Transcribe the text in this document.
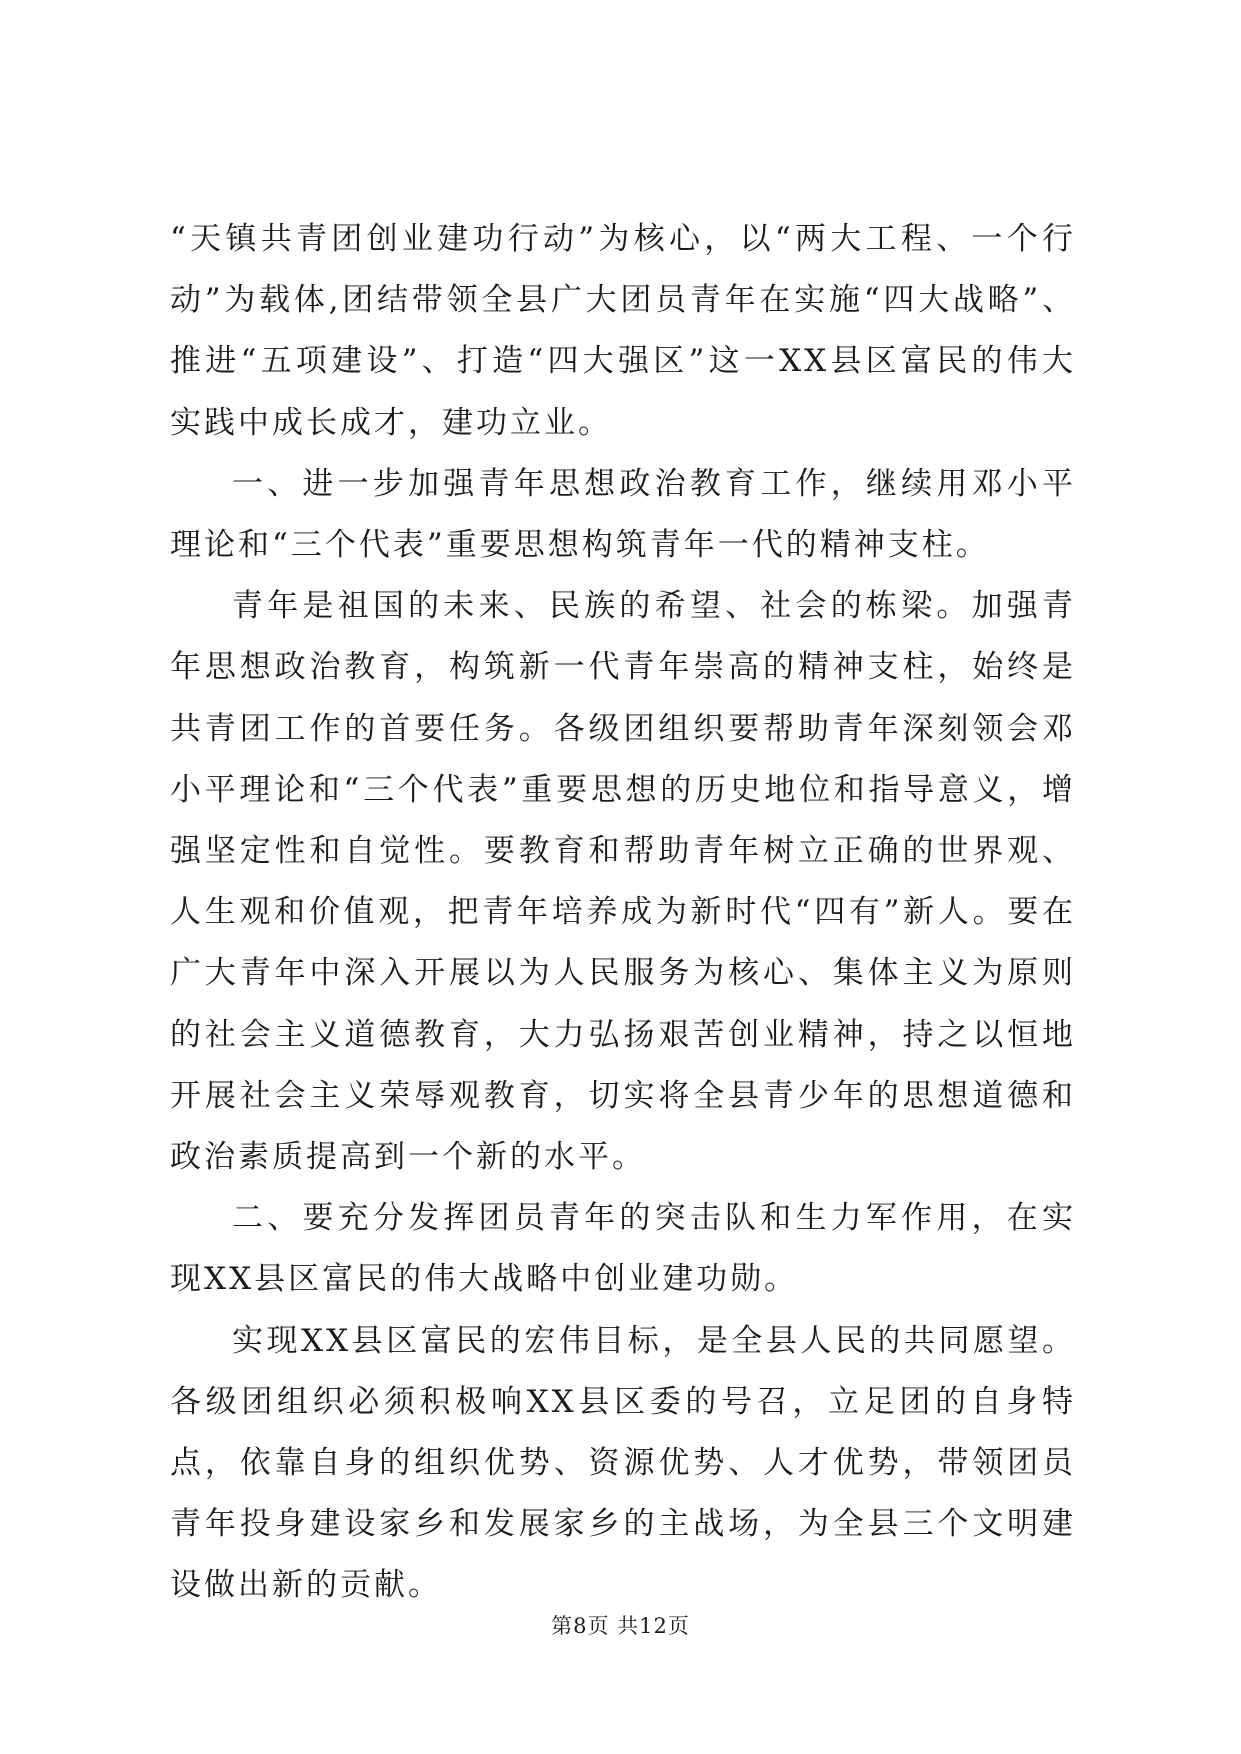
“天镇共青团创业建功行动”为核心，以“两大工程、一个行动”为载体,团结带领全县广大团员青年在实施“四大战略”、推进“五项建设”、打造“四大强区”这一XX县区富民的伟大实践中成长成才，建功立业。

一、进一步加强青年思想政治教育工作，继续用邓小平理论和“三个代表”重要思想构筑青年一代的精神支柱。

青年是祖国的未来、民族的希望、社会的栋梁。加强青年思想政治教育，构筑新一代青年崇高的精神支柱，始终是共青团工作的首要任务。各级团组织要帮助青年深刻领会邓小平理论和“三个代表”重要思想的历史地位和指导意义，增强坚定性和自觉性。要教育和帮助青年树立正确的世界观、人生观和价值观，把青年培养成为新时代“四有”新人。要在广大青年中深入开展以为人民服务为核心、集体主义为原则的社会主义道德教育，大力弘扬艰苦创业精神，持之以恒地开展社会主义荣辱观教育，切实将全县青少年的思想道德和政治素质提高到一个新的水平。

二、要充分发挥团员青年的突击队和生力军作用，在实现XX县区富民的伟大战略中创业建功勋。

实现XX县区富民的宏伟目标，是全县人民的共同愿望。各级团组织必须积极响XX县区委的号召，立足团的自身特点，依靠自身的组织优势、资源优势、人才优势，带领团员青年投身建设家乡和发展家乡的主战场，为全县三个文明建设做出新的贡献。

第8页 共12页
